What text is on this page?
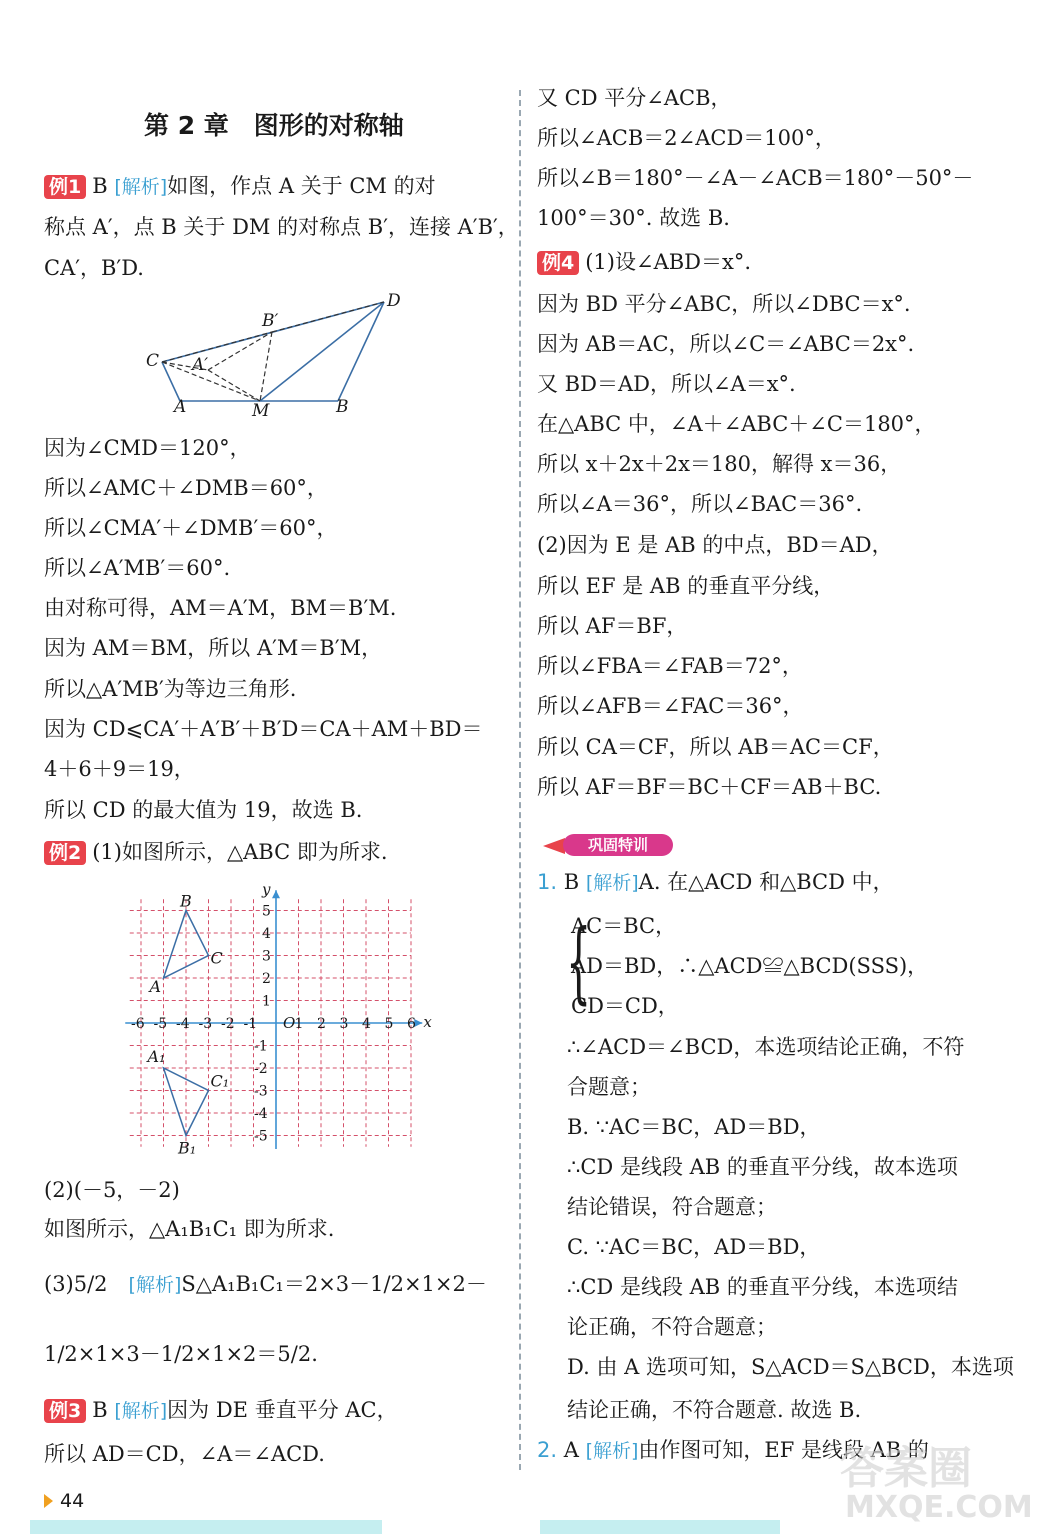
第 2 章　图形的对称轴
例1 B [解析]如图，作点 A 关于 CM 的对
称点 A′，点 B 关于 DM 的对称点 B′，连接 A′B′，
CA′，B′D.
因为∠CMD＝120°，
所以∠AMC＋∠DMB＝60°，
所以∠CMA′＋∠DMB′＝60°，
所以∠A′MB′＝60°.
由对称可得，AM＝A′M，BM＝B′M.
因为 AM＝BM，所以 A′M＝B′M，
所以△A′MB′为等边三角形.
因为 CD⩽CA′＋A′B′＋B′D＝CA＋AM＋BD＝
4＋6＋9＝19，
所以 CD 的最大值为 19，故选 B.
例2 (1)如图所示，△ABC 即为所求.
(2)(－5，－2)
如图所示，△A₁B₁C₁ 即为所求.
(3)5/2　[解析]S△A₁B₁C₁＝2×3－1/2×1×2－
1/2×1×3－1/2×1×2＝5/2.
例3 B [解析]因为 DE 垂直平分 AC，
所以 AD＝CD，∠A＝∠ACD.
又 CD 平分∠ACB，
所以∠ACB＝2∠ACD＝100°，
所以∠B＝180°－∠A－∠ACB＝180°－50°－
100°＝30°. 故选 B.
例4 (1)设∠ABD＝x°.
因为 BD 平分∠ABC，所以∠DBC＝x°.
因为 AB＝AC，所以∠C＝∠ABC＝2x°.
又 BD＝AD，所以∠A＝x°.
在△ABC 中，∠A＋∠ABC＋∠C＝180°，
所以 x＋2x＋2x＝180，解得 x＝36，
所以∠A＝36°，所以∠BAC＝36°.
(2)因为 E 是 AB 的中点，BD＝AD，
所以 EF 是 AB 的垂直平分线，
所以 AF＝BF，
所以∠FBA＝∠FAB＝72°，
所以∠AFB＝∠FAC＝36°，
所以 CA＝CF，所以 AB＝AC＝CF，
所以 AF＝BF＝BC＋CF＝AB＋BC.
1. B [解析]A. 在△ACD 和△BCD 中，
AC＝BC，
AD＝BD，∴△ACD≌△BCD(SSS)，
CD＝CD，
∴∠ACD＝∠BCD，本选项结论正确，不符
合题意；
B. ∵AC＝BC，AD＝BD，
∴CD 是线段 AB 的垂直平分线，故本选项
结论错误，符合题意；
C. ∵AC＝BC，AD＝BD，
∴CD 是线段 AB 的垂直平分线，本选项结
论正确，不符合题意；
D. 由 A 选项可知，S△ACD＝S△BCD，本选项
结论正确，不符合题意. 故选 B.
2. A [解析]由作图可知，EF 是线段 AB 的
D
B′
C A′
A	M	B
-6 -5 -4 -3 -2 -1	1 2 3 4 5 6
5
4
3
2
1
-1
-2
-3
-4
-5
x
y
O
A
B
C
A₁
B₁
C₁
巩固特训
{
44
答案圈
MXQE.COM
